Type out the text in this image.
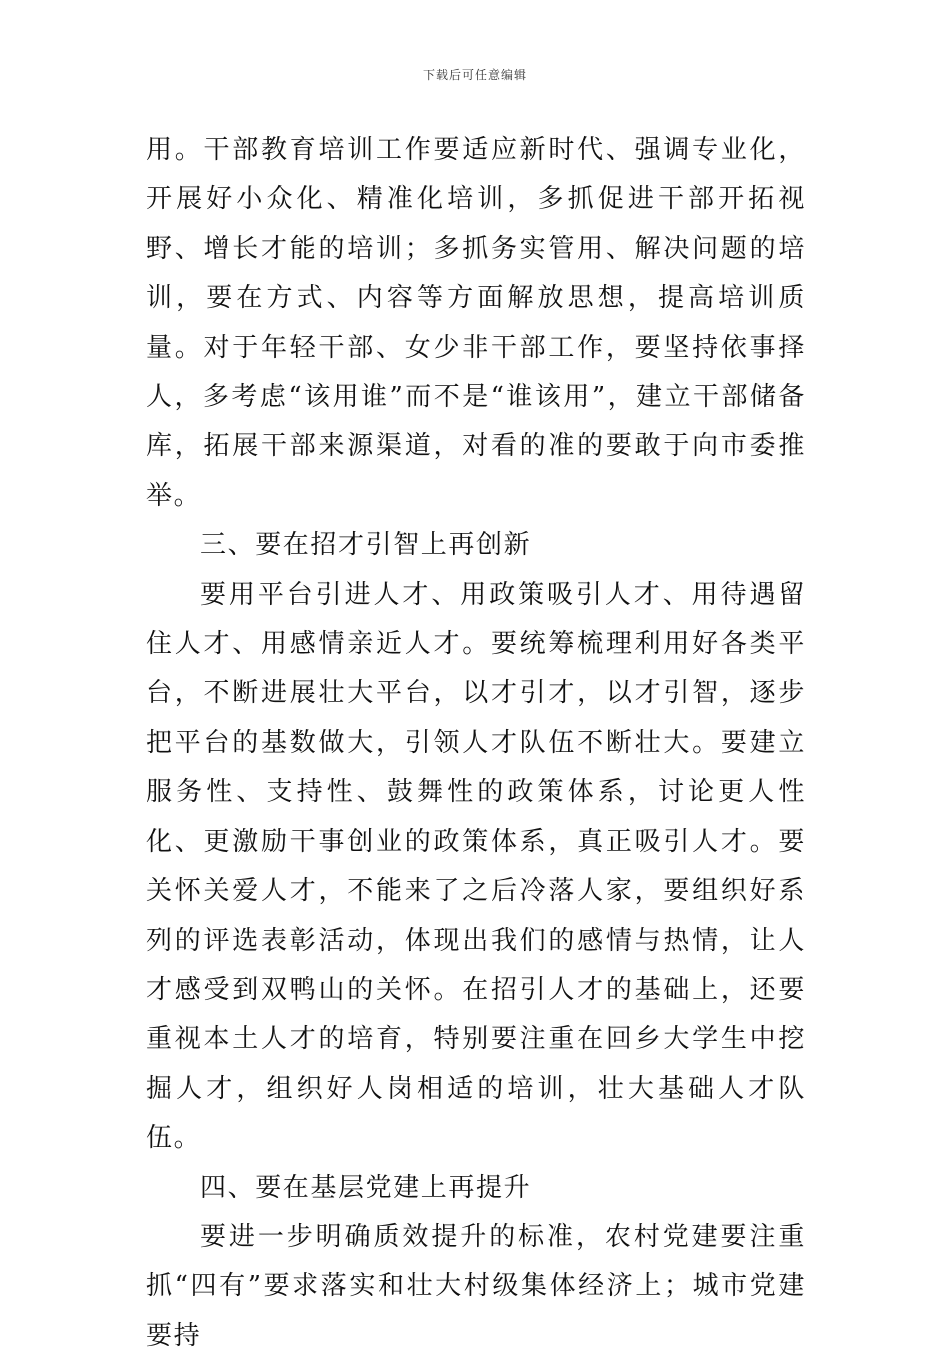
下载后可任意编辑

用。干部教育培训工作要适应新时代、强调专业化，开展好小众化、精准化培训，多抓促进干部开拓视野、增长才能的培训；多抓务实管用、解决问题的培训，要在方式、内容等方面解放思想，提高培训质量。对于年轻干部、女少非干部工作，要坚持依事择人，多考虑“该用谁”而不是“谁该用”，建立干部储备库，拓展干部来源渠道，对看的准的要敢于向市委推举。

三、要在招才引智上再创新

要用平台引进人才、用政策吸引人才、用待遇留住人才、用感情亲近人才。要统筹梳理利用好各类平台，不断进展壮大平台，以才引才，以才引智，逐步把平台的基数做大，引领人才队伍不断壮大。要建立服务性、支持性、鼓舞性的政策体系，讨论更人性化、更激励干事创业的政策体系，真正吸引人才。要关怀关爱人才，不能来了之后冷落人家，要组织好系列的评选表彰活动，体现出我们的感情与热情，让人才感受到双鸭山的关怀。在招引人才的基础上，还要重视本土人才的培育，特别要注重在回乡大学生中挖掘人才，组织好人岗相适的培训，壮大基础人才队伍。

四、要在基层党建上再提升

要进一步明确质效提升的标准，农村党建要注重抓“四有”要求落实和壮大村级集体经济上；城市党建要持
